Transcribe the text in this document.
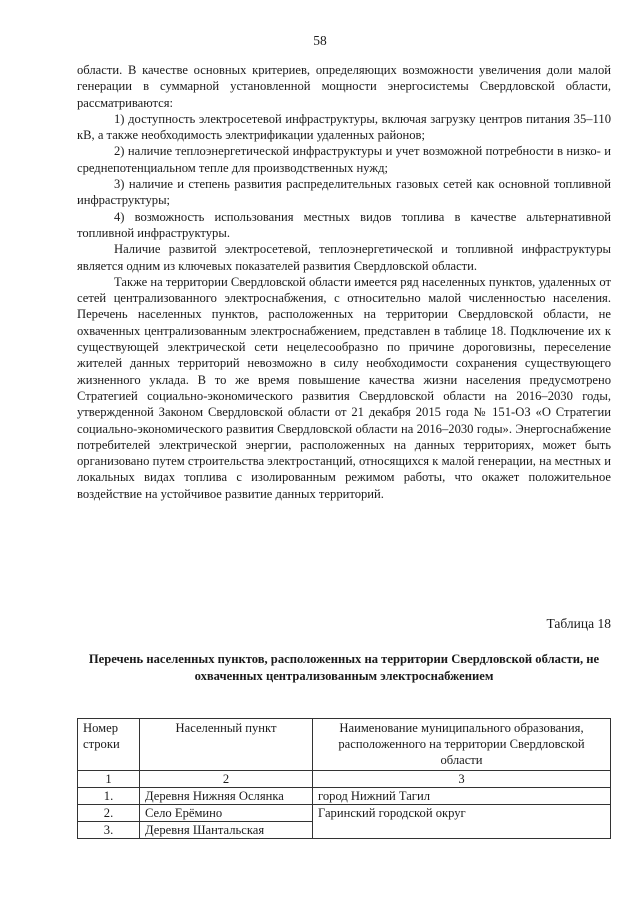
58

области. В качестве основных критериев, определяющих возможности увеличения доли малой генерации в суммарной установленной мощности энергосистемы Свердловской области, рассматриваются:

1) доступность электросетевой инфраструктуры, включая загрузку центров питания 35–110 кВ, а также необходимость электрификации удаленных районов;

2) наличие теплоэнергетической инфраструктуры и учет возможной потребности в низко- и среднепотенциальном тепле для производственных нужд;

3) наличие и степень развития распределительных газовых сетей как основной топливной инфраструктуры;

4) возможность использования местных видов топлива в качестве альтернативной топливной инфраструктуры.

Наличие развитой электросетевой, теплоэнергетической и топливной инфраструктуры является одним из ключевых показателей развития Свердловской области.

Также на территории Свердловской области имеется ряд населенных пунктов, удаленных от сетей централизованного электроснабжения, с относительно малой численностью населения. Перечень населенных пунктов, расположенных на территории Свердловской области, не охваченных централизованным электроснабжением, представлен в таблице 18. Подключение их к существующей электрической сети нецелесообразно по причине дороговизны, переселение жителей данных территорий невозможно в силу необходимости сохранения существующего жизненного уклада. В то же время повышение качества жизни населения предусмотрено Стратегией социально-экономического развития Свердловской области на 2016–2030 годы, утвержденной Законом Свердловской области от 21 декабря 2015 года № 151-ОЗ «О Стратегии социально-экономического развития Свердловской области на 2016–2030 годы». Энергоснабжение потребителей электрической энергии, расположенных на данных территориях, может быть организовано путем строительства электростанций, относящихся к малой генерации, на местных и локальных видах топлива с изолированным режимом работы, что окажет положительное воздействие на устойчивое развитие данных территорий.

Таблица 18
Перечень населенных пунктов, расположенных на территории Свердловской области, не охваченных централизованным электроснабжением
Номер строки	Населенный пункт	Наименование муниципального образования, расположенного на территории Свердловской области
1	2	3
1.	Деревня Нижняя Ослянка	город Нижний Тагил
2.	Село Ерёмино	Гаринский городской округ
3.	Деревня Шантальская	
